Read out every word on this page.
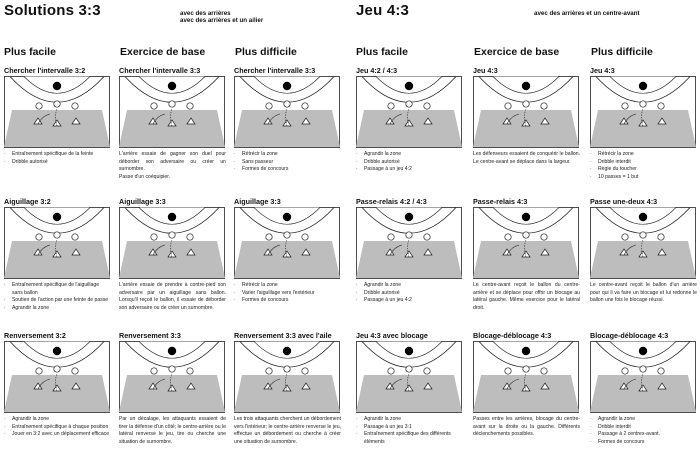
Solutions 3:3	avec des arrières
avec des arrières et un ailier
Jeu 4:3	avec des arrières et un centre-avant
Plus facile	Exercice de base	Plus difficile	Plus facile	Exercice de base	Plus difficile
Chercher l'intervalle 3:2
· Entraînement spécifique de la feinte
· Dribble autorisé
Chercher l'intervalle 3:3
L'arrière essaie de gagner son duel pour déborder son adversaire ou créer un surnombre.
Passe d'un coéquipier.
Chercher l'intervalle 3:3
· Rétrécir la zone
· Sans passeur
· Formes de concours
Jeu 4:2 / 4:3
· Agrandir la zone
· Dribble autorisé
· Passage à un jeu 4:2
Jeu 4:3
Les défenseurs essaient de conquérir le ballon. Le centre-avant se déplace dans la largeur.
Jeu 4:3
· Rétrécir la zone
· Dribble interdit
· Règle du toucher
· 10 passes = 1 but
Aiguillage 3:2
· Entraînement spécifique de l'aiguillage sans ballon
· Soutien de l'action par une feinte de passe
· Agrandir la zone
Aiguillage 3:3
L'arrière essaie de prendre à contre-pied son adversaire par un aiguillage sans ballon. Lorsqu'il reçoit le ballon, il essaie de déborder son adversaire ou de créer un surnombre.
Aiguillage 3:3
· Rétrécir la zone
· Varier l'aiguillage vers l'extérieur
· Formes de concours
Passe-relais 4:2 / 4:3
· Agrandir la zone
· Dribble autorisé
· Passage à un jeu 4:2
Passe-relais 4:3
Le centre-avant reçoit le ballon du centre-arrière et se déplace pour offrir un blocage au latéral gauche. Même exercice pour le latéral droit.
Passe une-deux 4:3
Le centre-avant reçoit le ballon d'un arrière pour qui il va faire un blocage et lui redonne le ballon une fois le blocage réussi.
Renversement 3:2
· Agrandir la zone
· Entraînement spécifique à chaque position
· Jouer en 3:2 avec un déplacement efficace
Renversement 3:3
Par un décalage, les attaquants essaient de tirer la défense d'un côté; le centre-arrière ou le latéral renverse le jeu, tire ou cherche une situation de surnombre.
Renversement 3:3 avec l'aile
Les trois attaquants cherchent un débordement vers l'intérieur; le centre-arrière renverse le jeu, effectue un débordement ou cherche à créer une situation de surnombre.
Jeu 4:3 avec blocage
· Agrandir la zone
· Passage à un jeu 3:1
· Entraînement spécifique des différents éléments
Blocage-déblocage 4:3
Passes entre les arrières, blocage du centre-avant sur la droite ou la gauche. Différents déclenchements possibles.
Blocage-déblocage 4:3
· Agrandir la zone
· Dribble interdit
· Passage à 2 centres-avant.
· Formes de concours
